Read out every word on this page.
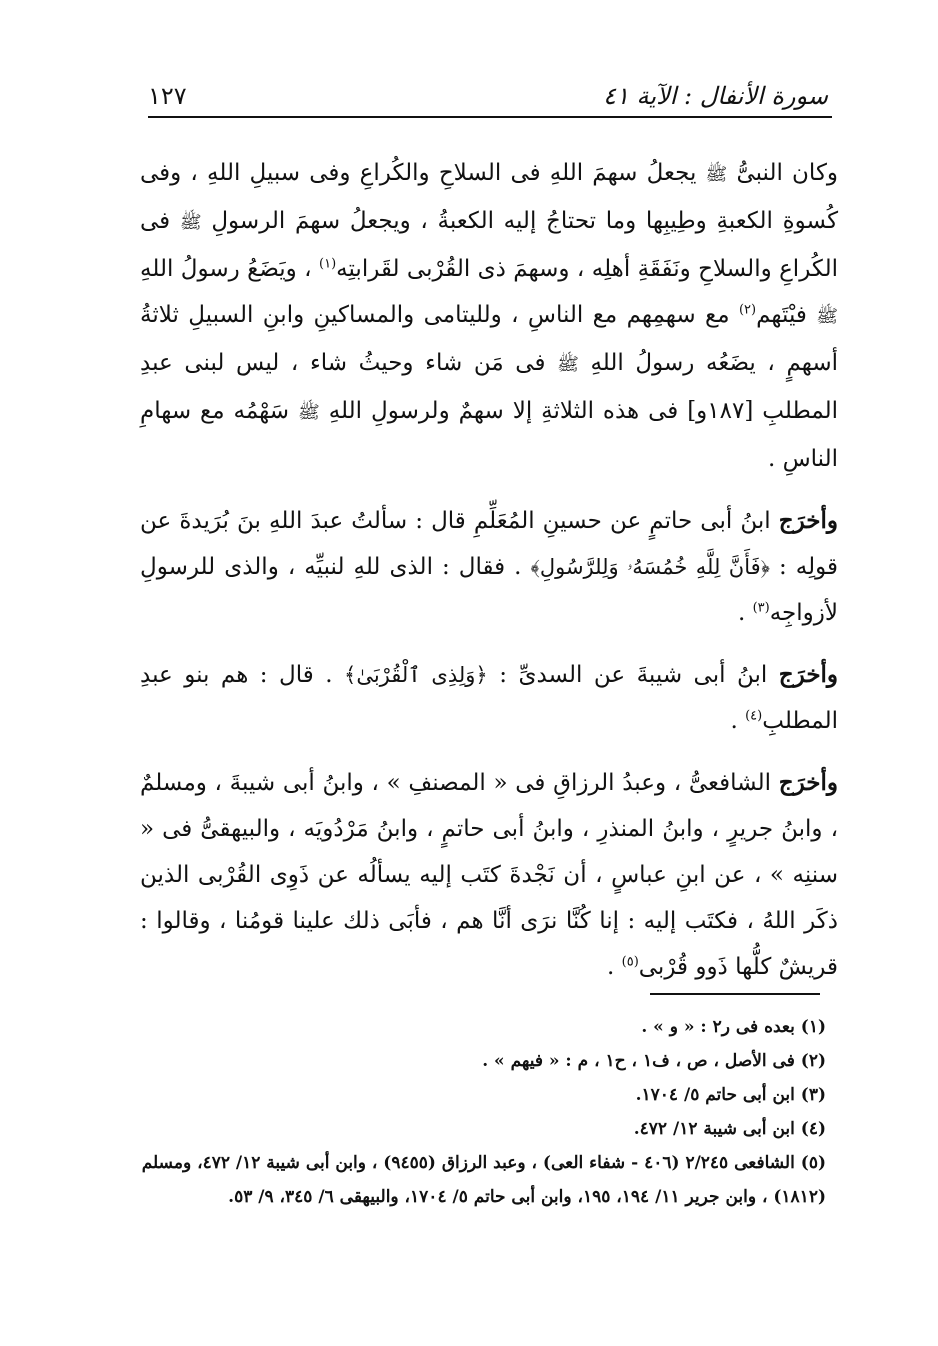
سورة الأنفال : الآية ٤١
١٢٧

وكان النبىُّ ﷺ يجعلُ سهمَ اللهِ فى السلاحِ والكُراعِ وفى سبيلِ اللهِ ، وفى كُسوةِ الكعبةِ وطِيبِها وما تحتاجُ إليه الكعبةُ ، ويجعلُ سهمَ الرسولِ ﷺ فى الكُراعِ والسلاحِ ونَفَقَةِ أهلِه ، وسهمَ ذى القُرْبى لقَرابتِه$^{(١)}$ ، ويَضَعُ رسولُ اللهِ ﷺ فيْتَهم$^{(٢)}$ مع سهمِهم مع الناسِ ، ولليتامى والمساكينِ وابنِ السبيلِ ثلاثةُ أسهمٍ ، يضَعُه رسولُ اللهِ ﷺ فى مَن شاء وحيثُ شاء ، ليس لبنى عبدِ المطلبِ [١٨٧و] فى هذه الثلاثةِ إلا سهمٌ ولرسولِ اللهِ ﷺ سَهْمُه مع سهامِ الناسِ .

وأخرَج ابنُ أبى حاتمٍ عن حسينِ المُعَلِّمِ قال : سألتُ عبدَ اللهِ بنَ بُرَيدةَ عن قولِه : ﴿فَأَنَّ لِلَّهِ خُمُسَهُۥ وَلِلرَّسُولِ﴾ . فقال : الذى للهِ لنبيِّه ، والذى للرسولِ لأزواجِه$^{(٣)}$ .

وأخرَج ابنُ أبى شيبةَ عن السدىِّ : ﴿وَلِذِى ٱلْقُرْبَىٰ﴾ . قال : هم بنو عبدِ المطلبِ$^{(٤)}$ .

وأخرَج الشافعىُّ ، وعبدُ الرزاقِ فى « المصنفِ » ، وابنُ أبى شيبةَ ، ومسلمٌ ، وابنُ جريرٍ ، وابنُ المنذرِ ، وابنُ أبى حاتمٍ ، وابنُ مَرْدُويَه ، والبيهقىُّ فى « سننِه » ، عن ابنِ عباسٍ ، أن نَجْدةَ كتَب إليه يسألُه عن ذَوِى القُرْبى الذين ذكَر اللهُ ، فكتَب إليه : إنا كُنَّا نرَى أنَّا هم ، فأبَى ذلك علينا قومُنا ، وقالوا : قريشٌ كلُّها ذَوو قُرْبى$^{(٥)}$ .

(١) بعده فى ر٢ : « و » .

(٢) فى الأصل ، ص ، ف١ ، ح١ ، م : « فيهم » .

(٣) ابن أبى حاتم ٥/ ١٧٠٤.

(٤) ابن أبى شيبة ١٢/ ٤٧٢.

(٥) الشافعى ٢/٢٤٥ (٤٠٦ - شفاء العى) ، وعبد الرزاق (٩٤٥٥) ، وابن أبى شيبة ١٢/ ٤٧٢، ومسلم (١٨١٢) ، وابن جرير ١١/ ١٩٤، ١٩٥، وابن أبى حاتم ٥/ ١٧٠٤، والبيهقى ٦/ ٣٤٥، ٩/ ٥٣.
